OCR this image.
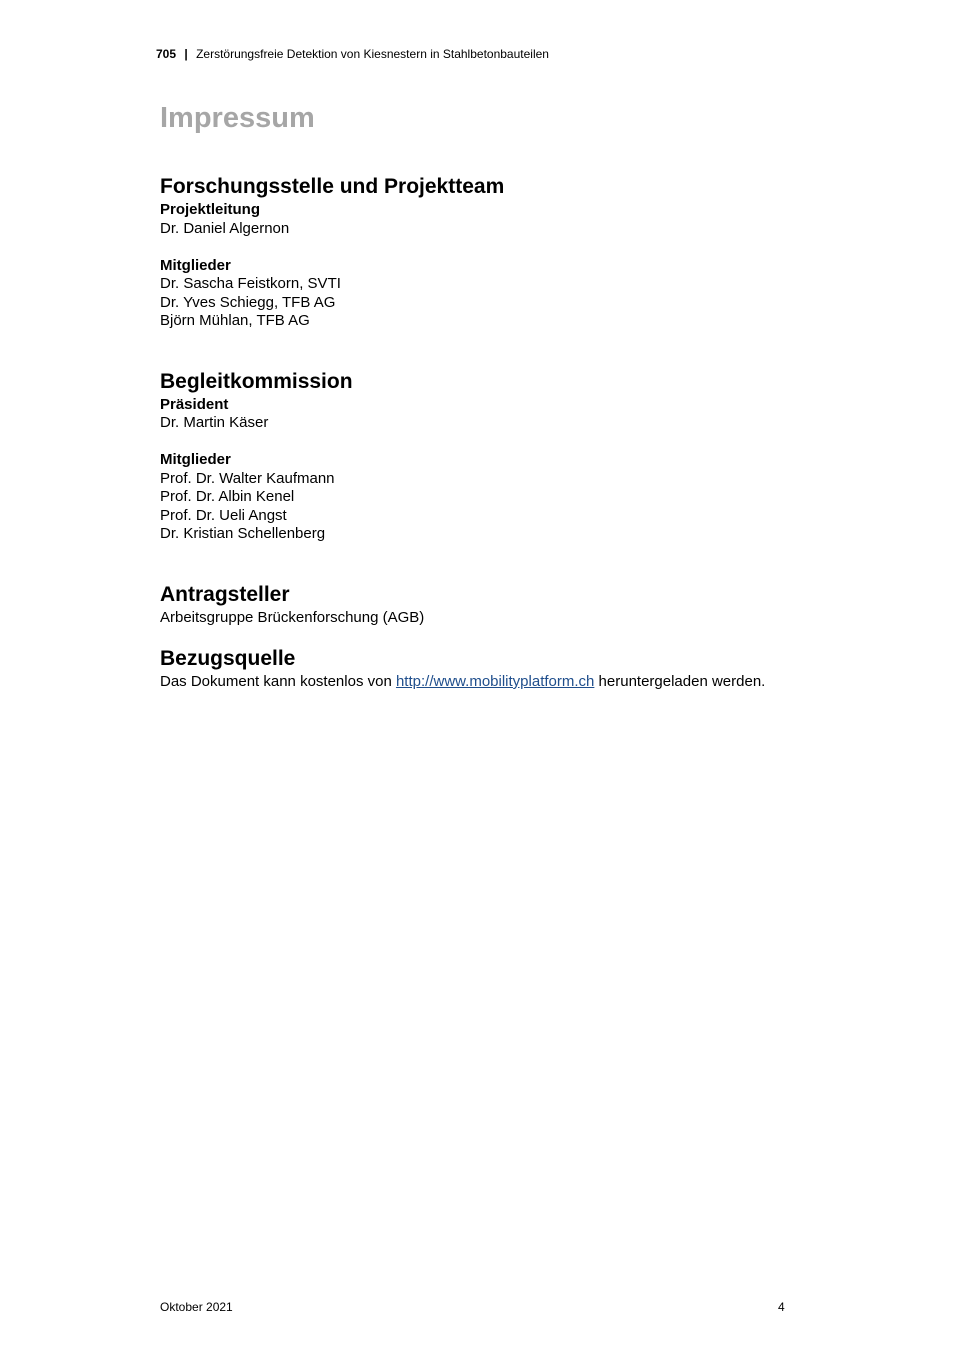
705 | Zerstörungsfreie Detektion von Kiesnestern in Stahlbetonbauteilen
Impressum
Forschungsstelle und Projektteam
Projektleitung
Dr. Daniel Algernon
Mitglieder
Dr. Sascha Feistkorn, SVTI
Dr. Yves Schiegg, TFB AG
Björn Mühlan, TFB AG
Begleitkommission
Präsident
Dr. Martin Käser
Mitglieder
Prof. Dr. Walter Kaufmann
Prof. Dr. Albin Kenel
Prof. Dr. Ueli Angst
Dr. Kristian Schellenberg
Antragsteller
Arbeitsgruppe Brückenforschung (AGB)
Bezugsquelle
Das Dokument kann kostenlos von http://www.mobilityplatform.ch heruntergeladen werden.
Oktober 2021	4
